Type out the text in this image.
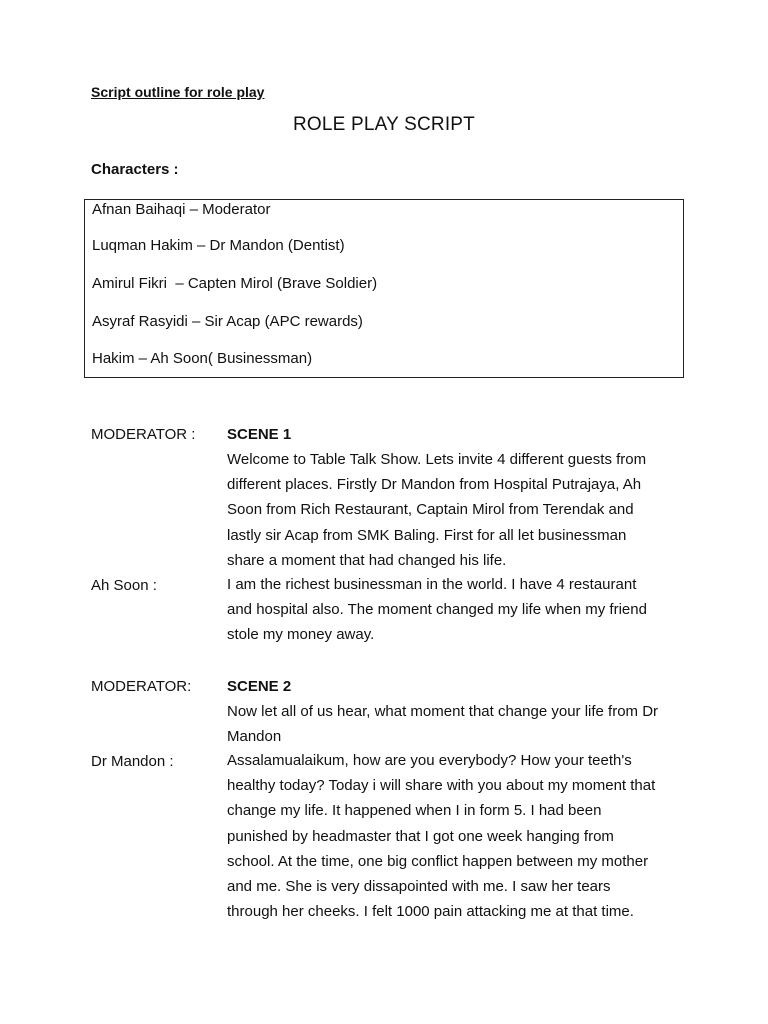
Script outline for role play
ROLE PLAY SCRIPT
Characters :
Afnan Baihaqi – Moderator
Luqman Hakim – Dr Mandon (Dentist)
Amirul Fikri  – Capten Mirol (Brave Soldier)
Asyraf Rasyidi – Sir Acap (APC rewards)
Hakim – Ah Soon( Businessman)
MODERATOR : SCENE 1
Welcome to Table Talk Show. Lets invite 4 different guests from
different places. Firstly Dr Mandon from Hospital Putrajaya, Ah
Soon from Rich Restaurant, Captain Mirol from Terendak and
lastly sir Acap from SMK Baling. First for all let businessman
share a moment that had changed his life.
Ah Soon :	I am the richest businessman in the world. I have 4 restaurant
and hospital also. The moment changed my life when my friend
stole my money away.
MODERATOR: SCENE 2
Now let all of us hear, what moment that change your life from Dr
Mandon
Dr Mandon :	Assalamualaikum, how are you everybody? How your teeth's
healthy today? Today i will share with you about my moment that
change my life. It happened when I in form 5. I had been
punished by headmaster that I got one week hanging from
school. At the time, one big conflict happen between my mother
and me. She is very dissapointed with me. I saw her tears
through her cheeks. I felt 1000 pain attacking me at that time.
